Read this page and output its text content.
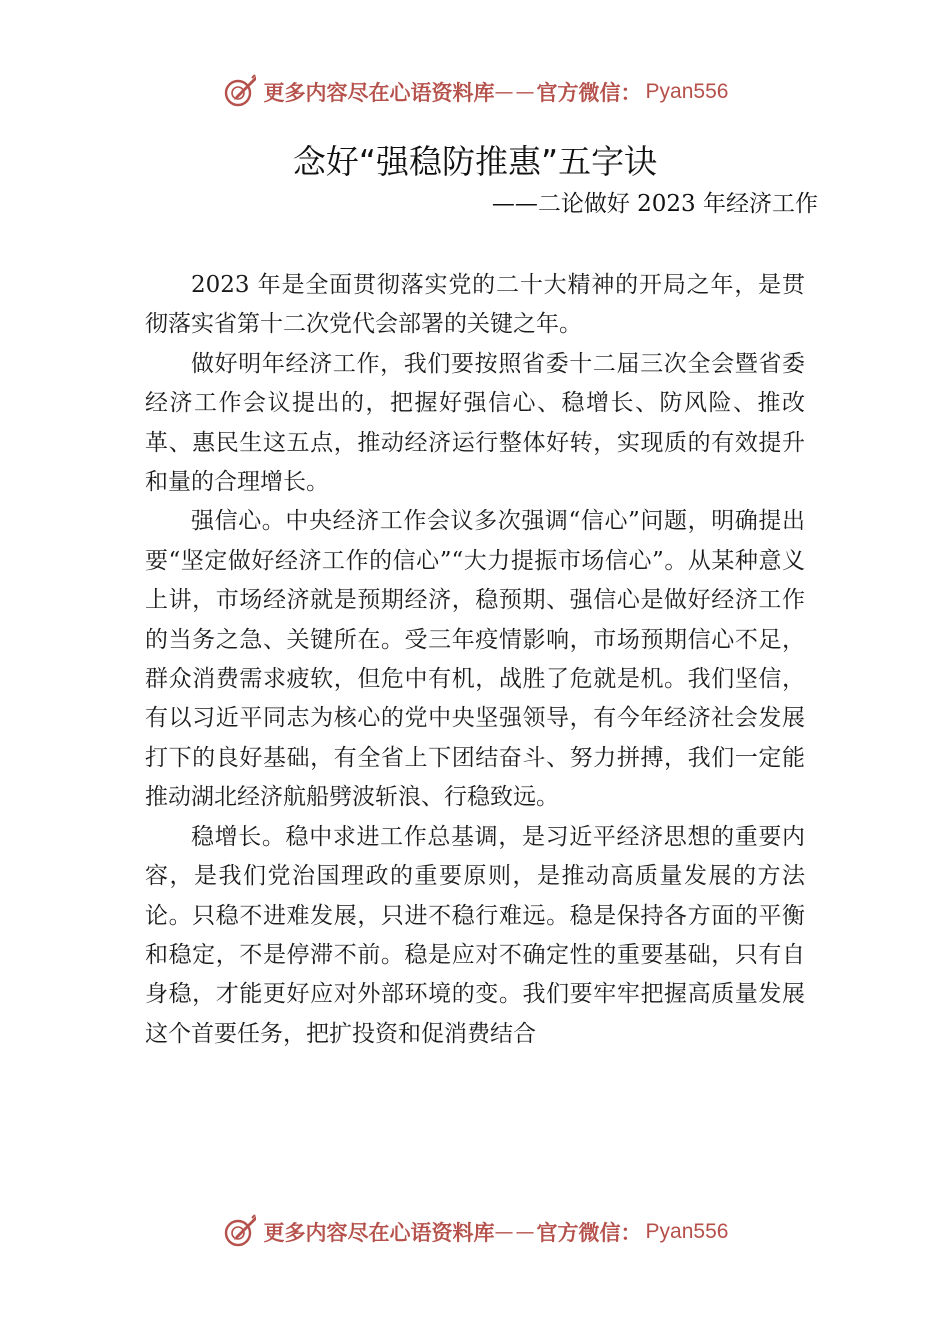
更多内容尽在心语资料库 —— 官方微信： Pyan556
念好“强稳防推惠”五字诀
——二论做好 2023 年经济工作

2023 年是全面贯彻落实党的二十大精神的开局之年，是贯彻落实省第十二次党代会部署的关键之年。

做好明年经济工作，我们要按照省委十二届三次全会暨省委经济工作会议提出的，把握好强信心、稳增长、防风险、推改革、惠民生这五点，推动经济运行整体好转，实现质的有效提升和量的合理增长。

强信心。中央经济工作会议多次强调“信心”问题，明确提出要“坚定做好经济工作的信心”“大力提振市场信心”。从某种意义上讲，市场经济就是预期经济，稳预期、强信心是做好经济工作的当务之急、关键所在。受三年疫情影响，市场预期信心不足，群众消费需求疲软，但危中有机，战胜了危就是机。我们坚信，有以习近平同志为核心的党中央坚强领导，有今年经济社会发展打下的良好基础，有全省上下团结奋斗、努力拼搏，我们一定能推动湖北经济航船劈波斩浪、行稳致远。

稳增长。稳中求进工作总基调，是习近平经济思想的重要内容，是我们党治国理政的重要原则，是推动高质量发展的方法论。只稳不进难发展，只进不稳行难远。稳是保持各方面的平衡和稳定，不是停滞不前。稳是应对不确定性的重要基础，只有自身稳，才能更好应对外部环境的变。我们要牢牢把握高质量发展这个首要任务，把扩投资和促消费结合

更多内容尽在心语资料库 —— 官方微信： Pyan556
